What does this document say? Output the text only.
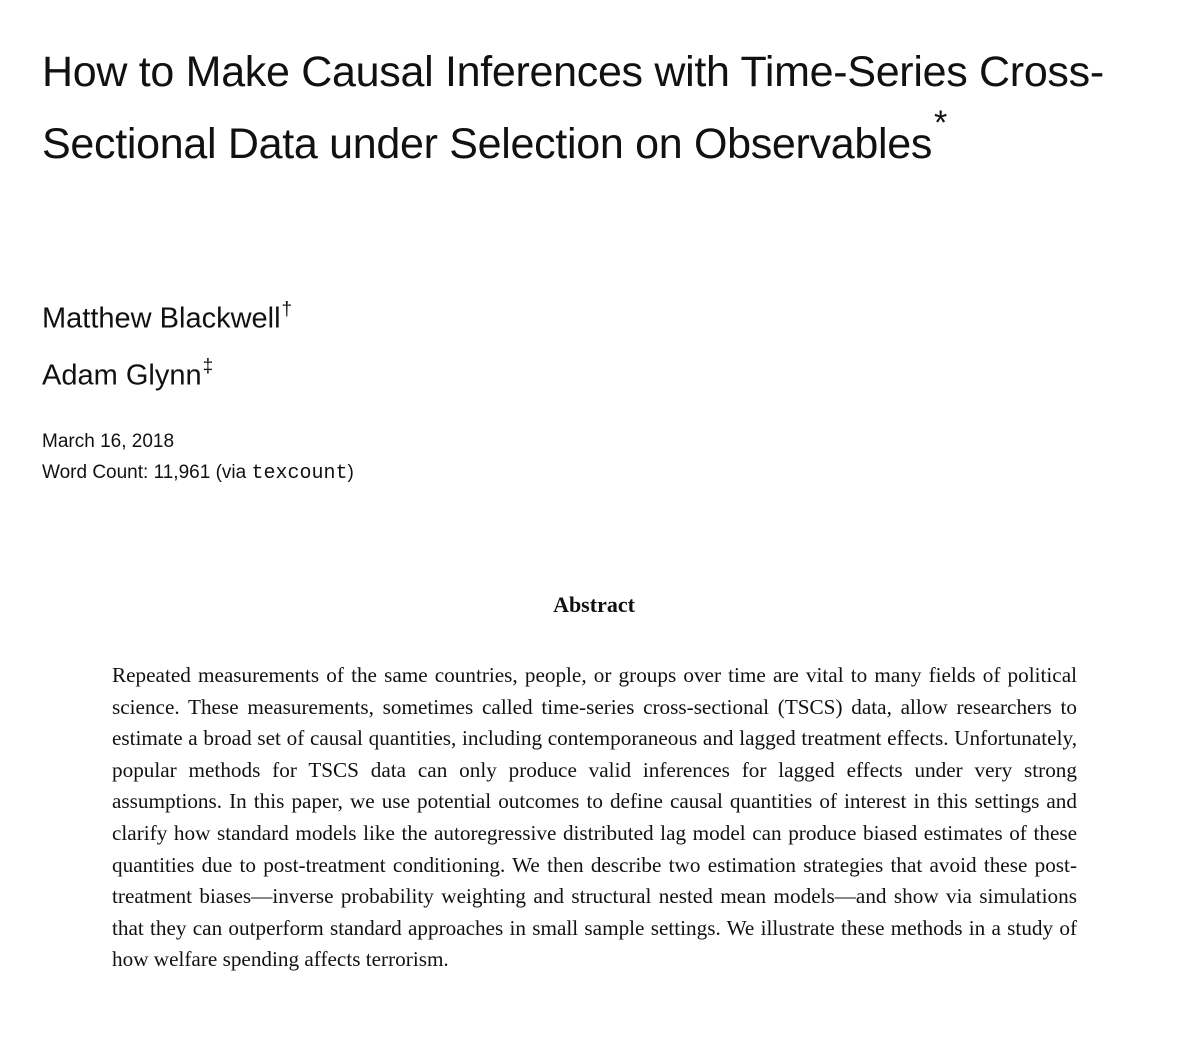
How to Make Causal Inferences with Time-Series Cross-Sectional Data under Selection on Observables*
Matthew Blackwell†
Adam Glynn‡
March 16, 2018
Word Count: 11,961 (via texcount)
Abstract

Repeated measurements of the same countries, people, or groups over time are vital to many fields of political science. These measurements, sometimes called time-series cross-sectional (TSCS) data, allow researchers to estimate a broad set of causal quantities, including contemporaneous and lagged treatment effects. Unfortunately, popular methods for TSCS data can only produce valid inferences for lagged effects under very strong assumptions. In this paper, we use potential outcomes to define causal quantities of interest in this settings and clarify how standard models like the autoregressive distributed lag model can produce biased estimates of these quantities due to post-treatment conditioning. We then describe two estimation strategies that avoid these post-treatment biases—inverse probability weighting and structural nested mean models—and show via simulations that they can outperform standard approaches in small sample settings. We illustrate these methods in a study of how welfare spending affects terrorism.
